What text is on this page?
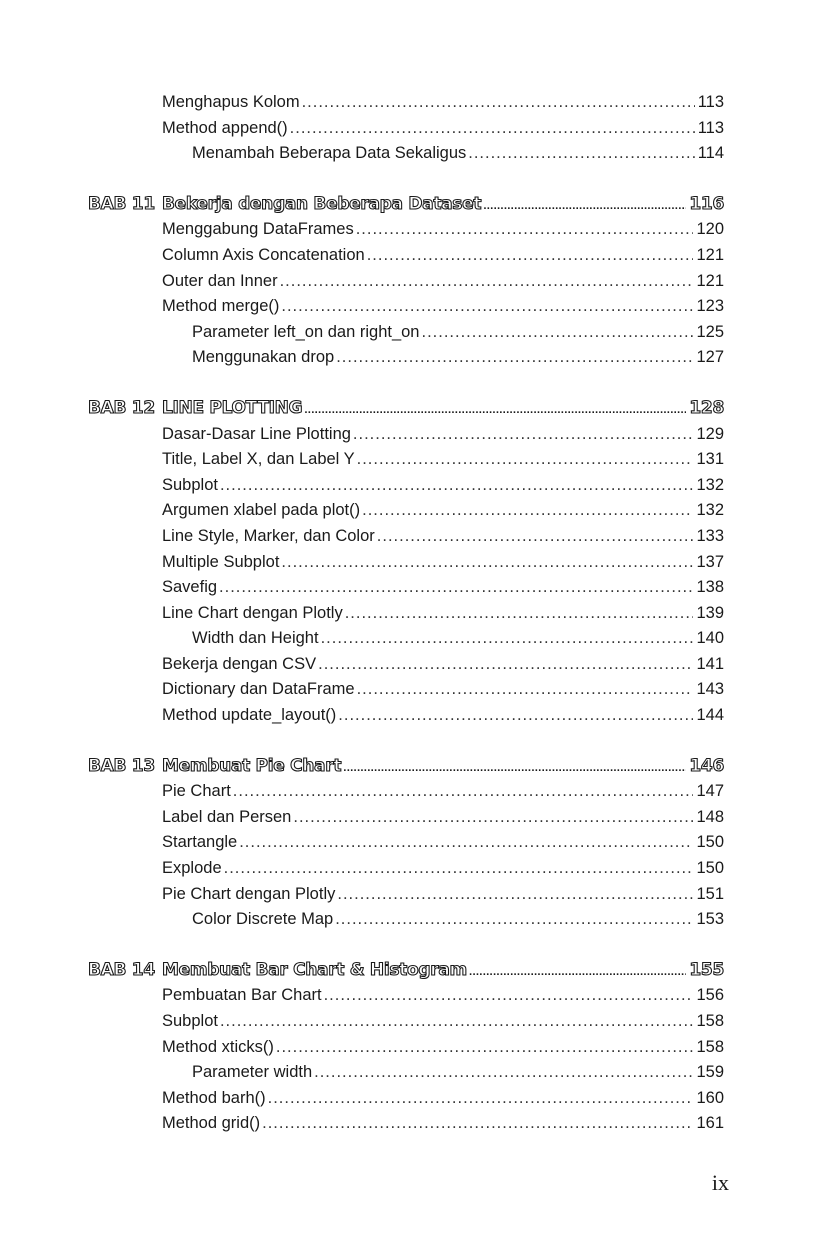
Menghapus Kolom .....	113
Method append() .....	113
Menambah Beberapa Data Sekaligus .....	114
BAB 11 Bekerja dengan Beberapa Dataset .....	116
Menggabung DataFrames .....	120
Column Axis Concatenation .....	121
Outer dan Inner .....	121
Method merge() .....	123
Parameter left_on dan right_on .....	125
Menggunakan drop .....	127
BAB 12 LINE PLOTTING .....	128
Dasar-Dasar Line Plotting .....	129
Title, Label X, dan Label Y .....	131
Subplot .....	132
Argumen xlabel pada plot() .....	132
Line Style, Marker, dan Color .....	133
Multiple Subplot .....	137
Savefig .....	138
Line Chart dengan Plotly .....	139
Width dan Height .....	140
Bekerja dengan CSV .....	141
Dictionary dan DataFrame .....	143
Method update_layout() .....	144
BAB 13 Membuat Pie Chart .....	146
Pie Chart .....	147
Label dan Persen .....	148
Startangle .....	150
Explode .....	150
Pie Chart dengan Plotly .....	151
Color Discrete Map .....	153
BAB 14 Membuat Bar Chart & Histogram .....	155
Pembuatan Bar Chart .....	156
Subplot .....	158
Method xticks() .....	158
Parameter width .....	159
Method barh() .....	160
Method grid() .....	161
ix
